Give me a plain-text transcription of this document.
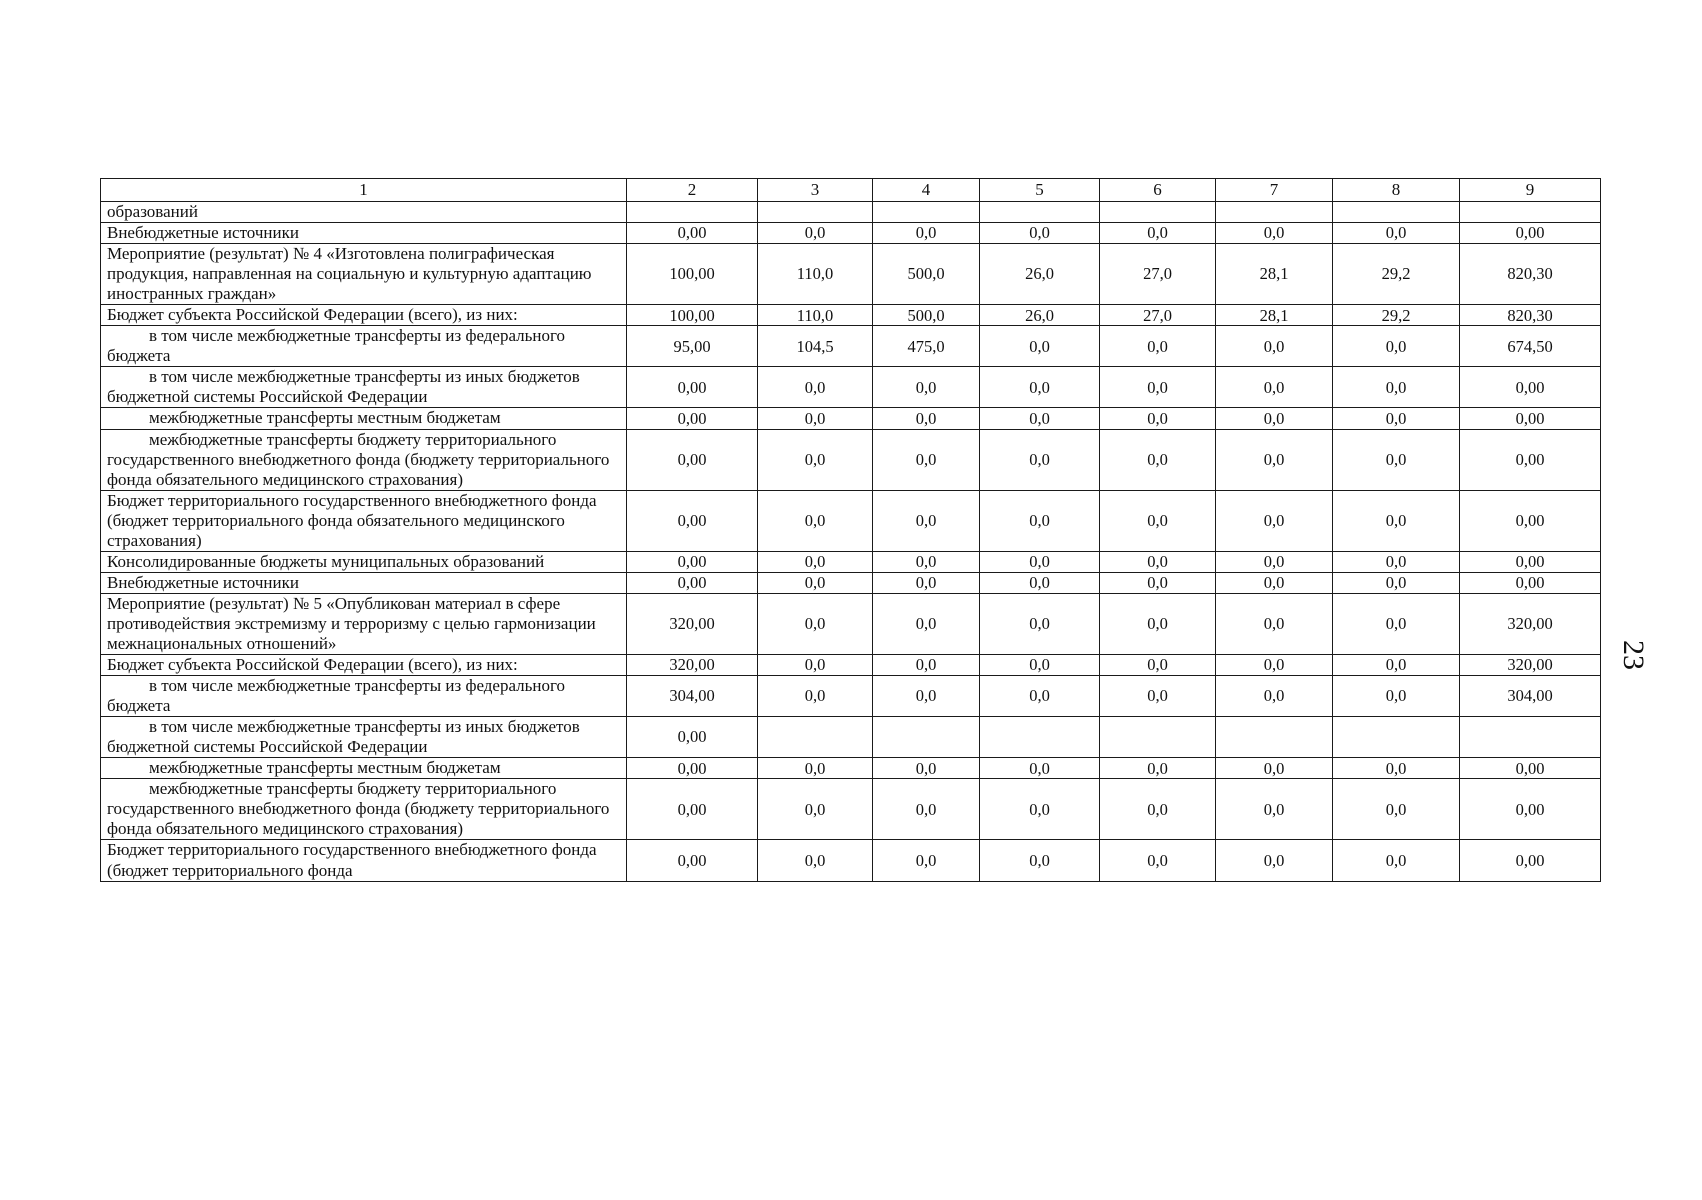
1	2	3	4	5	6	7	8	9
образований								
Внебюджетные источники	0,00	0,0	0,0	0,0	0,0	0,0	0,0	0,00
Мероприятие (результат) № 4 «Изготовлена полиграфическая продукция, направленная на социальную и культурную адаптацию иностранных граждан»	100,00	110,0	500,0	26,0	27,0	28,1	29,2	820,30
Бюджет субъекта Российской Федерации (всего), из них:	100,00	110,0	500,0	26,0	27,0	28,1	29,2	820,30
в том числе межбюджетные трансферты из федерального бюджета	95,00	104,5	475,0	0,0	0,0	0,0	0,0	674,50
в том числе межбюджетные трансферты из иных бюджетов бюджетной системы Российской Федерации	0,00	0,0	0,0	0,0	0,0	0,0	0,0	0,00
межбюджетные трансферты местным бюджетам	0,00	0,0	0,0	0,0	0,0	0,0	0,0	0,00
межбюджетные трансферты бюджету территориального государственного внебюджетного фонда (бюджету территориального фонда обязательного медицинского страхования)	0,00	0,0	0,0	0,0	0,0	0,0	0,0	0,00
Бюджет территориального государственного внебюджетного фонда (бюджет территориального фонда обязательного медицинского страхования)	0,00	0,0	0,0	0,0	0,0	0,0	0,0	0,00
Консолидированные бюджеты муниципальных образований	0,00	0,0	0,0	0,0	0,0	0,0	0,0	0,00
Внебюджетные источники	0,00	0,0	0,0	0,0	0,0	0,0	0,0	0,00
Мероприятие (результат) № 5 «Опубликован материал в сфере противодействия экстремизму и терроризму с целью гармонизации межнациональных отношений»	320,00	0,0	0,0	0,0	0,0	0,0	0,0	320,00
Бюджет субъекта Российской Федерации (всего), из них:	320,00	0,0	0,0	0,0	0,0	0,0	0,0	320,00
в том числе межбюджетные трансферты из федерального бюджета	304,00	0,0	0,0	0,0	0,0	0,0	0,0	304,00
в том числе межбюджетные трансферты из иных бюджетов бюджетной системы Российской Федерации	0,00							
межбюджетные трансферты местным бюджетам	0,00	0,0	0,0	0,0	0,0	0,0	0,0	0,00
межбюджетные трансферты бюджету территориального государственного внебюджетного фонда (бюджету территориального фонда обязательного медицинского страхования)	0,00	0,0	0,0	0,0	0,0	0,0	0,0	0,00
Бюджет территориального государственного внебюджетного фонда (бюджет территориального фонда	0,00	0,0	0,0	0,0	0,0	0,0	0,0	0,00
23
